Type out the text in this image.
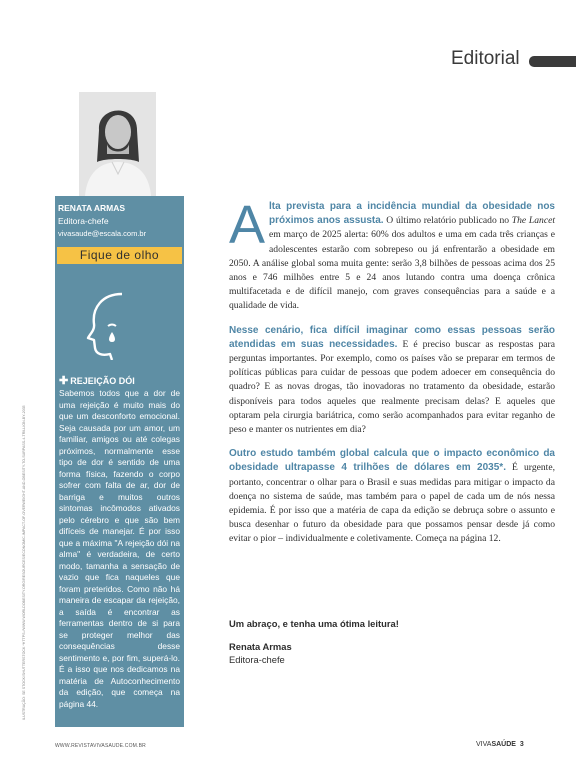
Editorial
RENATA ARMAS
Editora-chefe
vivasaude@escala.com.br
Fique de olho
✚ REJEIÇÃO DÓI
Sabemos todos que a dor de uma rejeição é muito mais do que um desconforto emocional. Seja causada por um amor, um familiar, amigos ou até colegas próximos, normalmente esse tipo de dor é sentido de uma forma física, fazendo o corpo sofrer com falta de ar, dor de barriga e muitos outros sintomas incômodos ativados pelo cérebro e que são bem difíceis de manejar. É por isso que a máxima "A rejeição dói na alma" é verdadeira, de certo modo, tamanha a sensação de vazio que fica naqueles que foram preteridos. Como não há maneira de escapar da rejeição, a saída é encontrar as ferramentas dentro de si para se proteger melhor das consequências desse sentimento e, por fim, superá-lo. É a isso que nos dedicamos na matéria de Autoconhecimento da edição, que começa na página 44.
ILUSTRAÇÃO: SE STOCK/SHUTTERSTOCK *HTTPS://WWW.WORLDOBESITY.ORG/RESOURCES/ECONOMIC-IMPACT-OF-OVERWEIGHT-AND-OBESITY-TO-SURPASS-4-TRILLION-BY-2035

Alta prevista para a incidência mundial da obesidade nos próximos anos assusta. O último relatório publicado no The Lancet em março de 2025 alerta: 60% dos adultos e uma em cada três crianças e adolescentes estarão com sobrepeso ou já enfrentarão a obesidade em 2050. A análise global soma muita gente: serão 3,8 bilhões de pessoas acima dos 25 anos e 746 milhões entre 5 e 24 anos lutando contra uma doença crônica multifacetada e de difícil manejo, com graves consequências para a saúde e a qualidade de vida.

Nesse cenário, fica difícil imaginar como essas pessoas serão atendidas em suas necessidades. E é preciso buscar as respostas para perguntas importantes. Por exemplo, como os países vão se preparar em termos de políticas públicas para cuidar de pessoas que podem adoecer em consequência do quadro? E as novas drogas, tão inovadoras no tratamento da obesidade, estarão disponíveis para todos aqueles que realmente precisam delas? E aqueles que optaram pela cirurgia bariátrica, como serão acompanhados para evitar reganho de peso e manter os nutrientes em dia?

Outro estudo também global calcula que o impacto econômico da obesidade ultrapasse 4 trilhões de dólares em 2035*. É urgente, portanto, concentrar o olhar para o Brasil e suas medidas para mitigar o impacto da doença no sistema de saúde, mas também para o papel de cada um de nós nessa epidemia. É por isso que a matéria de capa da edição se debruça sobre o assunto e busca desenhar o futuro da obesidade para que possamos pensar desde já como evitar o pior – individualmente e coletivamente. Começa na página 12.

Um abraço, e tenha uma ótima leitura!
Renata Armas
Editora-chefe
WWW.REVISTAVIVASAUDE.COM.BR	VIVASAÚDE 3
